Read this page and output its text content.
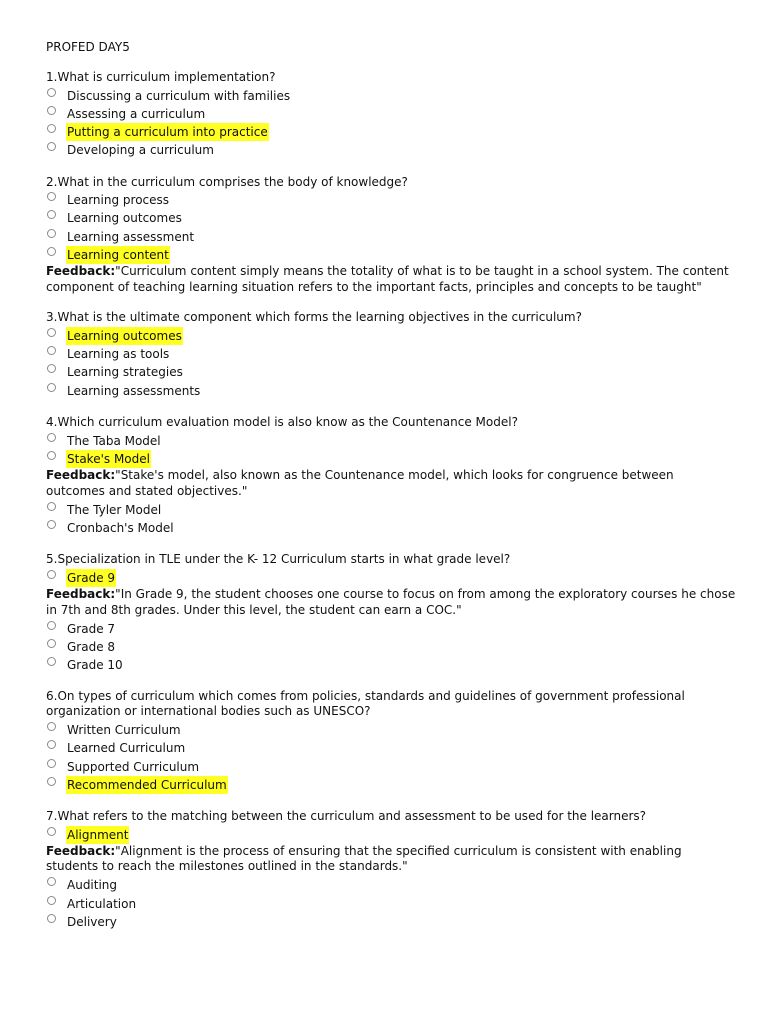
PROFED DAY5
1.What is curriculum implementation?
Discussing a curriculum with families
Assessing a curriculum
Putting a curriculum into practice
Developing a curriculum
2.What in the curriculum comprises the body of knowledge?
Learning process
Learning outcomes
Learning assessment
Learning content
Feedback:"Curriculum content simply means the totality of what is to be taught in a school system. The content component of teaching learning situation refers to the important facts, principles and concepts to be taught"
3.What is the ultimate component which forms the learning objectives in the curriculum?
Learning outcomes
Learning as tools
Learning strategies
Learning assessments
4.Which curriculum evaluation model is also know as the Countenance Model?
The Taba Model
Stake's Model
Feedback:"Stake's model, also known as the Countenance model, which looks for congruence between outcomes and stated objectives."
The Tyler Model
Cronbach's Model
5.Specialization in TLE under the K- 12 Curriculum starts in what grade level?
Grade 9
Feedback:"In Grade 9, the student chooses one course to focus on from among the exploratory courses he chose in 7th and 8th grades. Under this level, the student can earn a COC."
Grade 7
Grade 8
Grade 10
6.On types of curriculum which comes from policies, standards and guidelines of government professional organization or international bodies such as UNESCO?
Written Curriculum
Learned Curriculum
Supported Curriculum
Recommended Curriculum
7.What refers to the matching between the curriculum and assessment to be used for the learners?
Alignment
Feedback:"Alignment is the process of ensuring that the specified curriculum is consistent with enabling students to reach the milestones outlined in the standards."
Auditing
Articulation
Delivery
